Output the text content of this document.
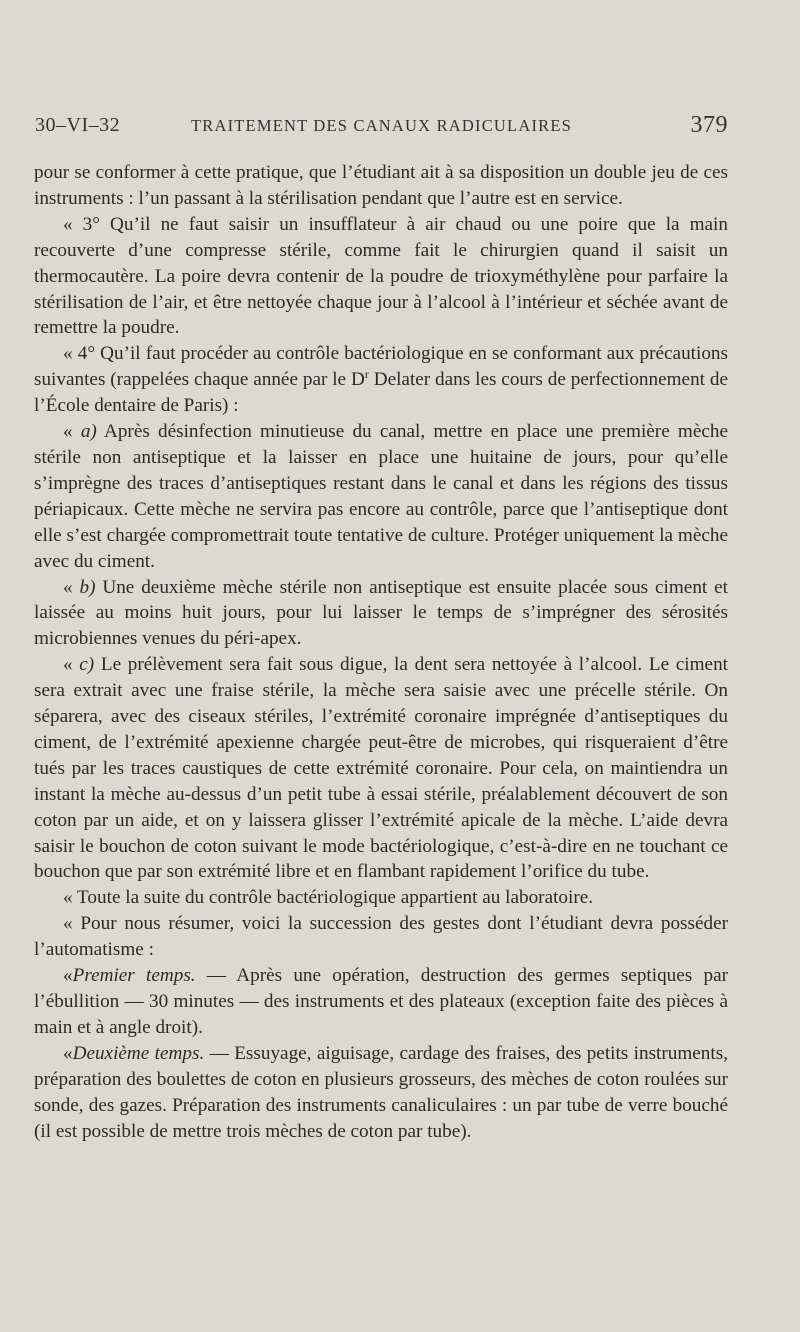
30–VI–32	TRAITEMENT DES CANAUX RADICULAIRES	379

pour se conformer à cette pratique, que l’étudiant ait à sa disposition un double jeu de ces instruments : l’un passant à la stérilisation pendant que l’autre est en service.

« 3° Qu’il ne faut saisir un insufflateur à air chaud ou une poire que la main recouverte d’une compresse stérile, comme fait le chirurgien quand il saisit un thermocautère. La poire devra contenir de la poudre de trioxyméthylène pour parfaire la stérilisation de l’air, et être nettoyée chaque jour à l’alcool à l’intérieur et séchée avant de remettre la poudre.

« 4° Qu’il faut procéder au contrôle bactériologique en se conformant aux précautions suivantes (rappelées chaque année par le $D^r$ Delater dans les cours de perfectionnement de l’École dentaire de Paris) :

« a) Après désinfection minutieuse du canal, mettre en place une première mèche stérile non antiseptique et la laisser en place une huitaine de jours, pour qu’elle s’imprègne des traces d’antiseptiques restant dans le canal et dans les régions des tissus périapicaux. Cette mèche ne servira pas encore au contrôle, parce que l’antiseptique dont elle s’est chargée compromettrait toute tentative de culture. Protéger uniquement la mèche avec du ciment.

« b) Une deuxième mèche stérile non antiseptique est ensuite placée sous ciment et laissée au moins huit jours, pour lui laisser le temps de s’imprégner des sérosités microbiennes venues du péri-apex.

« c) Le prélèvement sera fait sous digue, la dent sera nettoyée à l’alcool. Le ciment sera extrait avec une fraise stérile, la mèche sera saisie avec une précelle stérile. On séparera, avec des ciseaux stériles, l’extrémité coronaire imprégnée d’antiseptiques du ciment, de l’extrémité apexienne chargée peut-être de microbes, qui risqueraient d’être tués par les traces caustiques de cette extrémité coronaire. Pour cela, on maintiendra un instant la mèche au-dessus d’un petit tube à essai stérile, préalablement découvert de son coton par un aide, et on y laissera glisser l’extrémité apicale de la mèche. L’aide devra saisir le bouchon de coton suivant le mode bactériologique, c’est-à-dire en ne touchant ce bouchon que par son extrémité libre et en flambant rapidement l’orifice du tube.

« Toute la suite du contrôle bactériologique appartient au laboratoire.

« Pour nous résumer, voici la succession des gestes dont l’étudiant devra posséder l’automatisme :

«Premier temps. — Après une opération, destruction des germes septiques par l’ébullition — 30 minutes — des instruments et des plateaux (exception faite des pièces à main et à angle droit).

«Deuxième temps. — Essuyage, aiguisage, cardage des fraises, des petits instruments, préparation des boulettes de coton en plusieurs grosseurs, des mèches de coton roulées sur sonde, des gazes. Préparation des instruments canaliculaires : un par tube de verre bouché (il est possible de mettre trois mèches de coton par tube).
